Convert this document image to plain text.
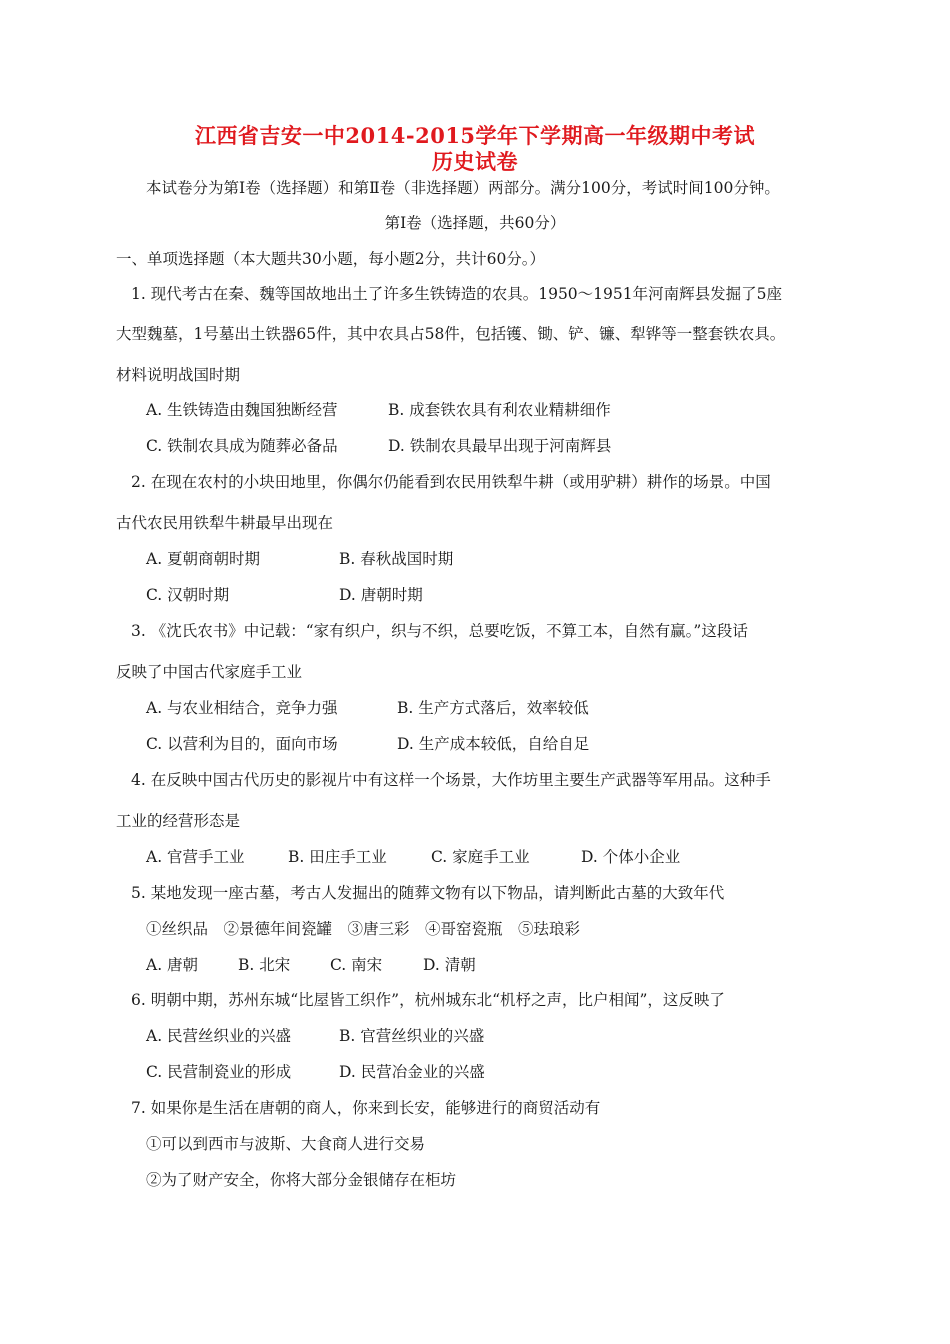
江西省吉安一中2014-2015学年下学期高一年级期中考试
历史试卷
本试卷分为第Ⅰ卷（选择题）和第Ⅱ卷（非选择题）两部分。满分100分，考试时间100分钟。
第Ⅰ卷（选择题，共60分）
一、单项选择题（本大题共30小题，每小题2分，共计60分。）
1. 现代考古在秦、魏等国故地出土了许多生铁铸造的农具。1950～1951年河南辉县发掘了5座
大型魏墓，1号墓出土铁器65件，其中农具占58件，包括镬、锄、铲、镰、犁铧等一整套铁农具。
材料说明战国时期
A. 生铁铸造由魏国独断经营	B. 成套铁农具有利农业精耕细作
C. 铁制农具成为随葬必备品	D. 铁制农具最早出现于河南辉县
2. 在现在农村的小块田地里，你偶尔仍能看到农民用铁犁牛耕（或用驴耕）耕作的场景。中国
古代农民用铁犁牛耕最早出现在
A. 夏朝商朝时期	B. 春秋战国时期
C. 汉朝时期	D. 唐朝时期
3. 《沈氏农书》中记载：“家有织户，织与不织，总要吃饭，不算工本，自然有赢。”这段话
反映了中国古代家庭手工业
A. 与农业相结合，竞争力强	B. 生产方式落后，效率较低
C. 以营利为目的，面向市场	D. 生产成本较低，自给自足
4. 在反映中国古代历史的影视片中有这样一个场景，大作坊里主要生产武器等军用品。这种手
工业的经营形态是
A. 官营手工业	B. 田庄手工业	C. 家庭手工业	D. 个体小企业
5. 某地发现一座古墓，考古人发掘出的随葬文物有以下物品，请判断此古墓的大致年代
①丝织品　②景德年间瓷罐　③唐三彩　④哥窑瓷瓶　⑤珐琅彩
A. 唐朝	B. 北宋	C. 南宋	D. 清朝
6. 明朝中期，苏州东城“比屋皆工织作”，杭州城东北“机杼之声，比户相闻”，这反映了
A. 民营丝织业的兴盛	B. 官营丝织业的兴盛
C. 民营制瓷业的形成	D. 民营冶金业的兴盛
7. 如果你是生活在唐朝的商人，你来到长安，能够进行的商贸活动有
①可以到西市与波斯、大食商人进行交易
②为了财产安全，你将大部分金银储存在柜坊
